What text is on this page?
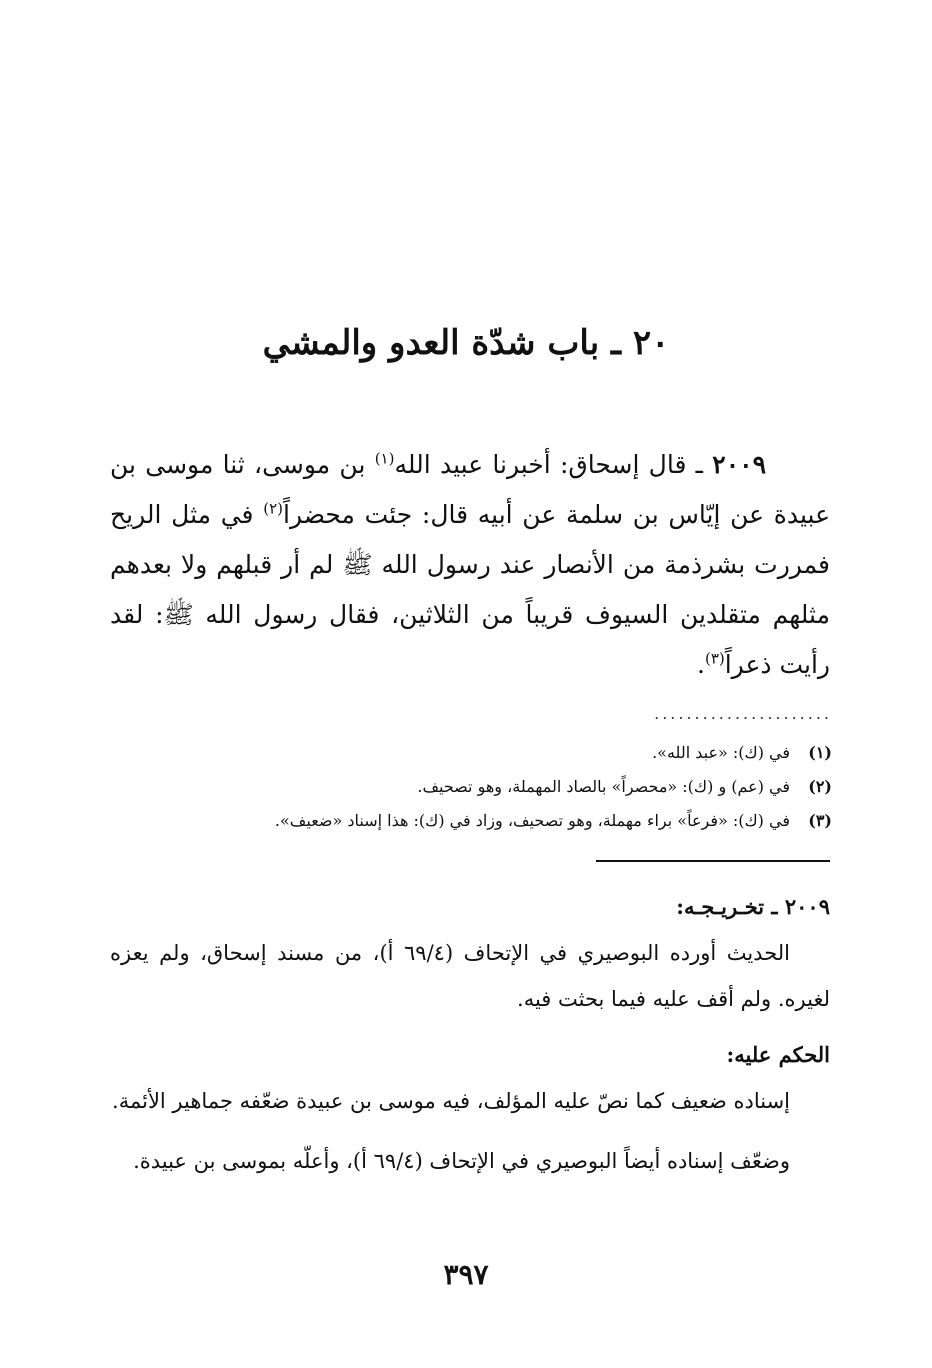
٢٠ ـ باب شدّة العدو والمشي

٢٠٠٩ ـ قال إسحاق: أخبرنا عبيد الله$^{(١)}$ بن موسى، ثنا موسى بن عبيدة عن إيّاس بن سلمة عن أبيه قال: جئت محضراً$^{(٢)}$ في مثل الريح فمررت بشرذمة من الأنصار عند رسول الله ﷺ لم أر قبلهم ولا بعدهم مثلهم متقلدين السيوف قريباً من الثلاثين، فقال رسول الله ﷺ: لقد رأيت ذعراً$^{(٣)}$.

......................

(١)في (ك): «عبد الله».

(٢)في (عم) و (ك): «محصراً» بالصاد المهملة، وهو تصحيف.

(٣)في (ك): «فرعاً» براء مهملة، وهو تصحيف، وزاد في (ك): هذا إسناد «ضعيف».

٢٠٠٩ ـ تخـريـجـه:

الحديث أورده البوصيري في الإتحاف (٦٩/٤ أ)، من مسند إسحاق، ولم يعزه لغيره. ولم أقف عليه فيما بحثت فيه.

الحكم عليه:

إسناده ضعيف كما نصّ عليه المؤلف، فيه موسى بن عبيدة ضعّفه جماهير الأئمة.

وضعّف إسناده أيضاً البوصيري في الإتحاف (٦٩/٤ أ)، وأعلّه بموسى بن عبيدة.

٣٩٧
